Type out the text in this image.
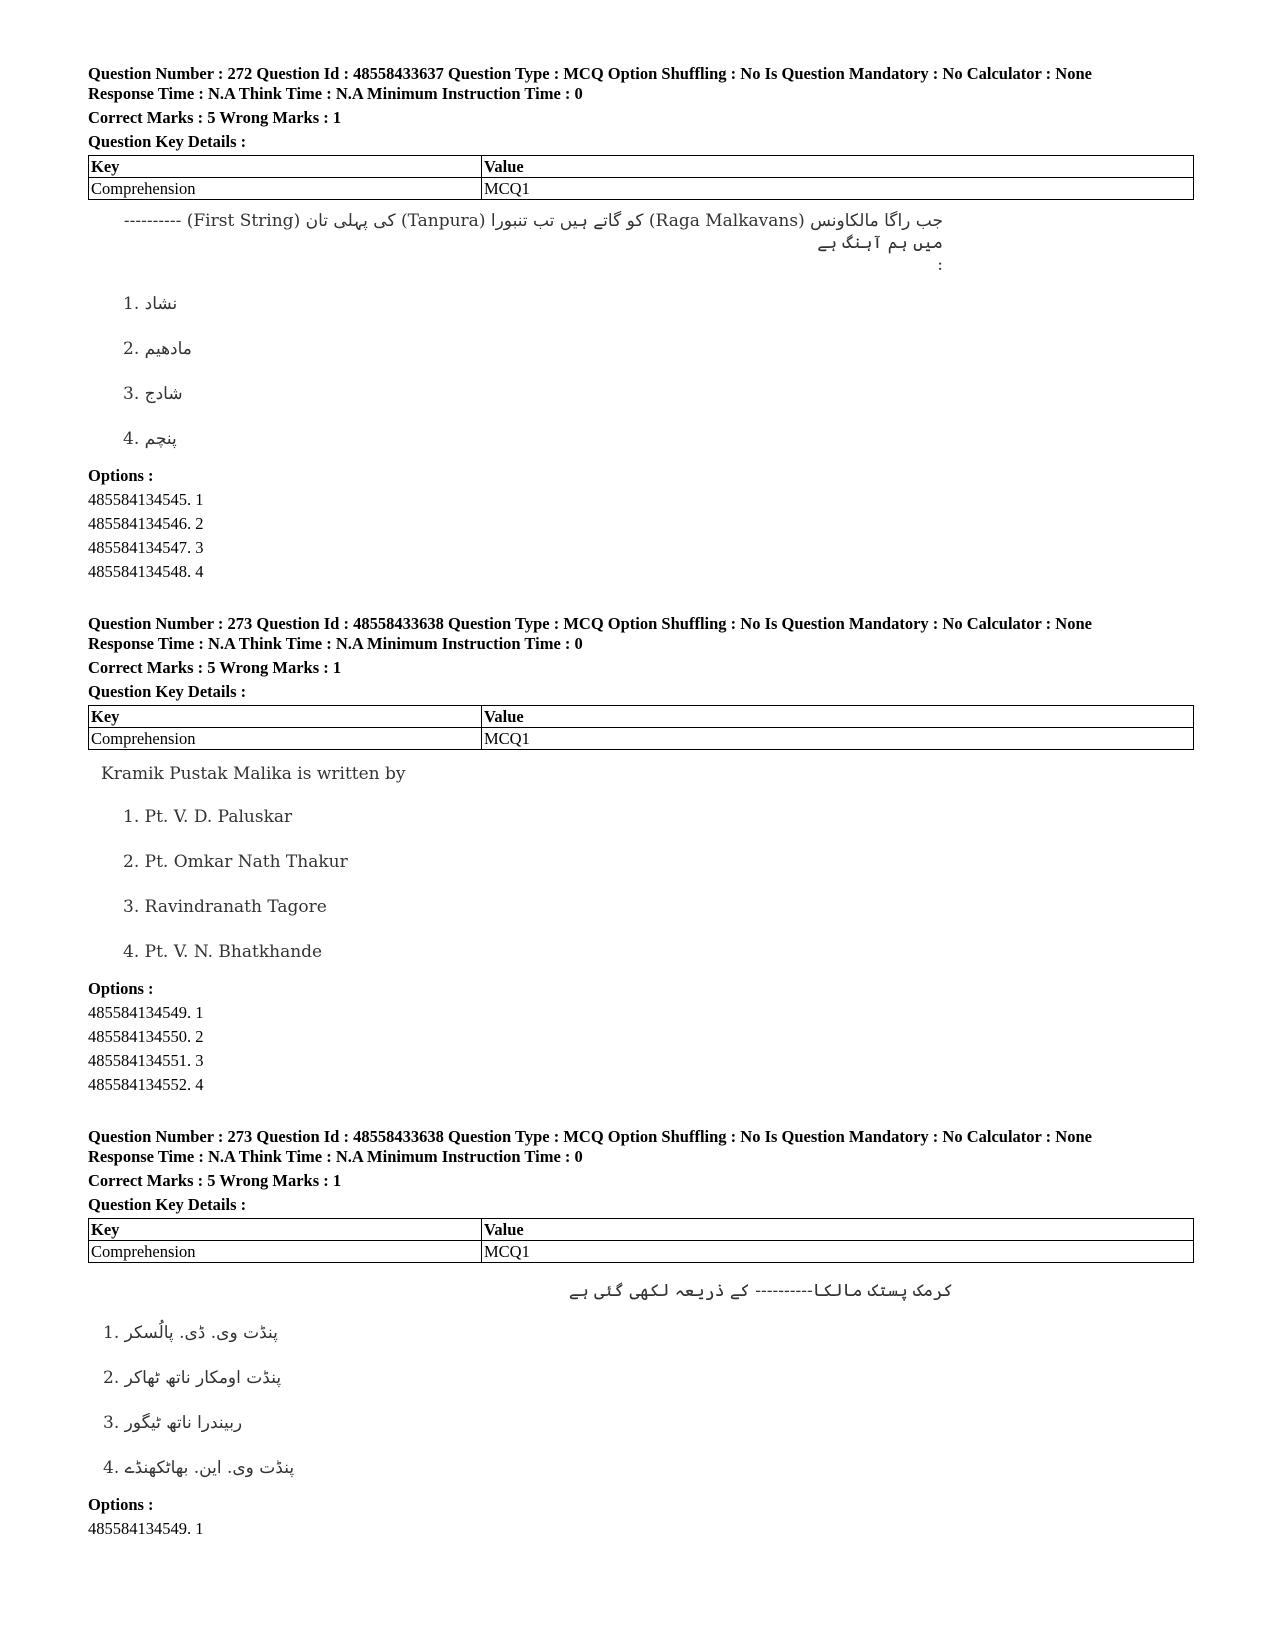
Question Number : 272 Question Id : 48558433637 Question Type : MCQ Option Shuffling : No Is Question Mandatory : No Calculator : None
Response Time : N.A Think Time : N.A Minimum Instruction Time : 0
Correct Marks : 5 Wrong Marks : 1
Question Key Details :
Key	Value
Comprehension	MCQ1
جب راگا مالکاونس (Raga Malkavans) کو گاتے ہیں تب تنبورا (Tanpura) کی پہلی تان (First String) ---------- میں ہم آہنگ ہے
:
1. نشاد
2. مادھیم
3. شادج
4. پنچم
Options :
485584134545. 1
485584134546. 2
485584134547. 3
485584134548. 4
Question Number : 273 Question Id : 48558433638 Question Type : MCQ Option Shuffling : No Is Question Mandatory : No Calculator : None
Response Time : N.A Think Time : N.A Minimum Instruction Time : 0
Correct Marks : 5 Wrong Marks : 1
Question Key Details :
Key	Value
Comprehension	MCQ1
Kramik Pustak Malika is written by
1. Pt. V. D. Paluskar
2. Pt. Omkar Nath Thakur
3. Ravindranath Tagore
4. Pt. V. N. Bhatkhande
Options :
485584134549. 1
485584134550. 2
485584134551. 3
485584134552. 4
Question Number : 273 Question Id : 48558433638 Question Type : MCQ Option Shuffling : No Is Question Mandatory : No Calculator : None
Response Time : N.A Think Time : N.A Minimum Instruction Time : 0
Correct Marks : 5 Wrong Marks : 1
Question Key Details :
Key	Value
Comprehension	MCQ1
کرمک پستک مالکا---------- کے ذریعہ لکھی گئی ہے
1. پنڈت وی. ڈی. پالُسکر
2. پنڈت اومکار ناتھ ٹھاکر
3. ربیندرا ناتھ ٹیگور
4. پنڈت وی. این. بھاٹکھنڈے
Options :
485584134549. 1
